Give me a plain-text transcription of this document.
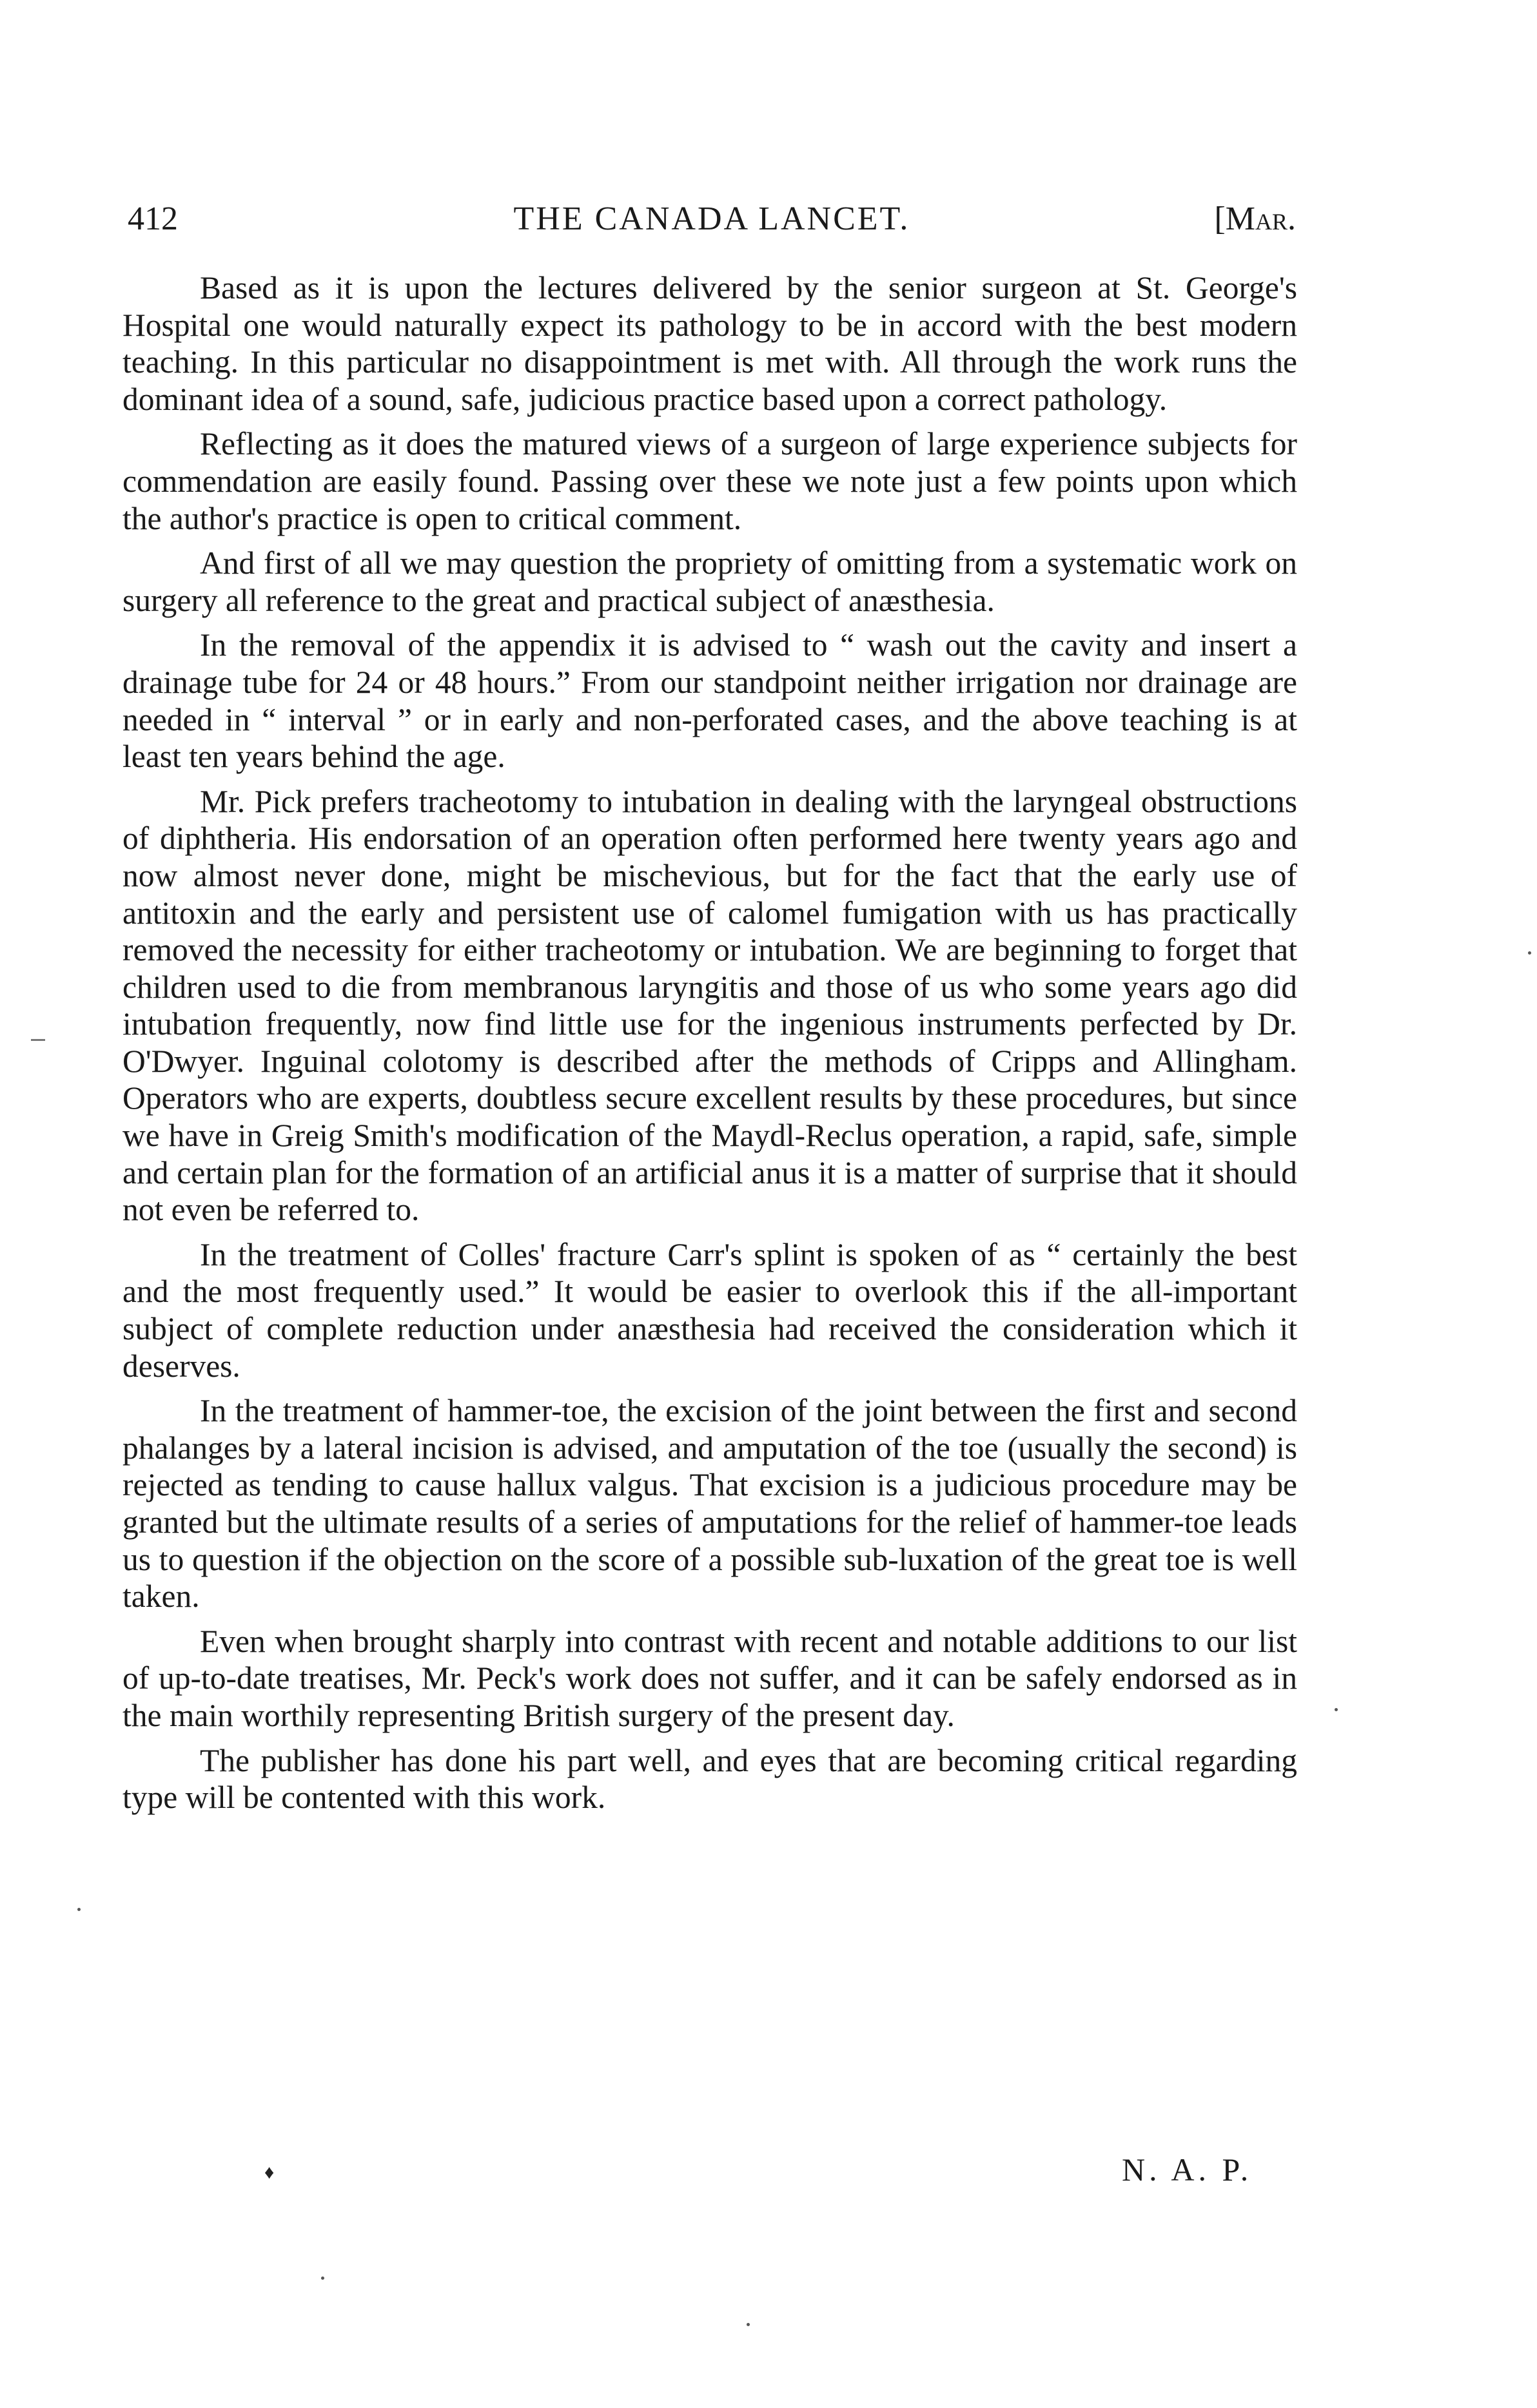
412	THE CANADA LANCET.	[Mar.

Based as it is upon the lectures delivered by the senior surgeon at St. George's Hospital one would naturally expect its pathology to be in accord with the best modern teaching. In this particular no disappointment is met with. All through the work runs the dominant idea of a sound, safe, judicious practice based upon a correct pathology.

Reflecting as it does the matured views of a surgeon of large experience subjects for commendation are easily found. Passing over these we note just a few points upon which the author's practice is open to critical comment.

And first of all we may question the propriety of omitting from a systematic work on surgery all reference to the great and practical subject of anæsthesia.

In the removal of the appendix it is advised to “ wash out the cavity and insert a drainage tube for 24 or 48 hours.” From our standpoint neither irrigation nor drainage are needed in “ interval ” or in early and non-perforated cases, and the above teaching is at least ten years behind the age.

Mr. Pick prefers tracheotomy to intubation in dealing with the laryngeal obstructions of diphtheria. His endorsation of an operation often performed here twenty years ago and now almost never done, might be mischevious, but for the fact that the early use of antitoxin and the early and persistent use of calomel fumigation with us has practically removed the necessity for either tracheotomy or intubation. We are beginning to forget that children used to die from membranous laryngitis and those of us who some years ago did intubation frequently, now find little use for the ingenious instruments perfected by Dr. O'Dwyer. Inguinal colotomy is described after the methods of Cripps and Allingham. Operators who are experts, doubtless secure excellent results by these procedures, but since we have in Greig Smith's modification of the Maydl-Reclus operation, a rapid, safe, simple and certain plan for the formation of an artificial anus it is a matter of surprise that it should not even be referred to.

In the treatment of Colles' fracture Carr's splint is spoken of as “ certainly the best and the most frequently used.” It would be easier to overlook this if the all-important subject of complete reduction under anæsthesia had received the consideration which it deserves.

In the treatment of hammer-toe, the excision of the joint between the first and second phalanges by a lateral incision is advised, and amputation of the toe (usually the second) is rejected as tending to cause hallux valgus. That excision is a judicious procedure may be granted but the ultimate results of a series of amputations for the relief of hammer-toe leads us to question if the objection on the score of a possible sub-luxation of the great toe is well taken.

Even when brought sharply into contrast with recent and notable additions to our list of up-to-date treatises, Mr. Peck's work does not suffer, and it can be safely endorsed as in the main worthily representing British surgery of the present day.

The publisher has done his part well, and eyes that are becoming critical regarding type will be contented with this work.

♦	N. A. P.
